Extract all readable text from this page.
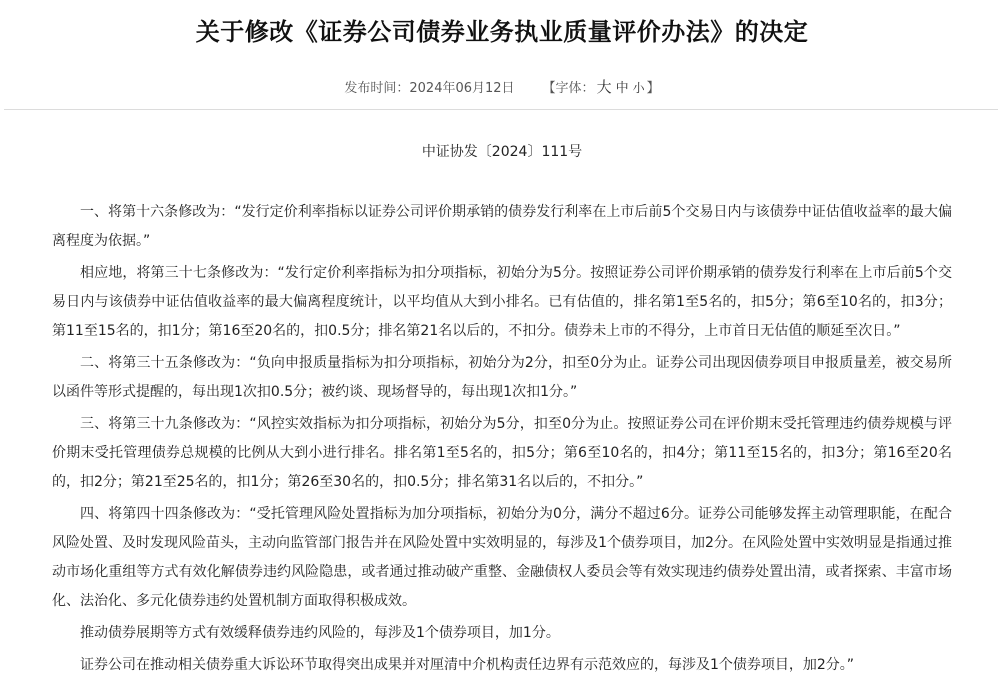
关于修改《证券公司债券业务执业质量评价办法》的决定
发布时间：2024年06月12日 【字体： 大 中 小 】
中证协发〔2024〕111号

一、将第十六条修改为：“发行定价利率指标以证券公司评价期承销的债券发行利率在上市后前5个交易日内与该债券中证估值收益率的最大偏离程度为依据。”

相应地，将第三十七条修改为：“发行定价利率指标为扣分项指标，初始分为5分。按照证券公司评价期承销的债券发行利率在上市后前5个交易日内与该债券中证估值收益率的最大偏离程度统计，以平均值从大到小排名。已有估值的，排名第1至5名的，扣5分；第6至10名的，扣3分；第11至15名的，扣1分；第16至20名的，扣0.5分；排名第21名以后的，不扣分。债券未上市的不得分，上市首日无估值的顺延至次日。”

二、将第三十五条修改为：“负向申报质量指标为扣分项指标，初始分为2分，扣至0分为止。证券公司出现因债券项目申报质量差，被交易所以函件等形式提醒的，每出现1次扣0.5分；被约谈、现场督导的，每出现1次扣1分。”

三、将第三十九条修改为：“风控实效指标为扣分项指标，初始分为5分，扣至0分为止。按照证券公司在评价期末受托管理违约债券规模与评价期末受托管理债券总规模的比例从大到小进行排名。排名第1至5名的，扣5分；第6至10名的，扣4分；第11至15名的，扣3分；第16至20名的，扣2分；第21至25名的，扣1分；第26至30名的，扣0.5分；排名第31名以后的，不扣分。”

四、将第四十四条修改为：“受托管理风险处置指标为加分项指标，初始分为0分，满分不超过6分。证券公司能够发挥主动管理职能，在配合风险处置、及时发现风险苗头，主动向监管部门报告并在风险处置中实效明显的，每涉及1个债券项目，加2分。在风险处置中实效明显是指通过推动市场化重组等方式有效化解债券违约风险隐患，或者通过推动破产重整、金融债权人委员会等有效实现违约债券处置出清，或者探索、丰富市场化、法治化、多元化债券违约处置机制方面取得积极成效。

推动债券展期等方式有效缓释债券违约风险的，每涉及1个债券项目，加1分。

证券公司在推动相关债券重大诉讼环节取得突出成果并对厘清中介机构责任边界有示范效应的，每涉及1个债券项目，加2分。”
